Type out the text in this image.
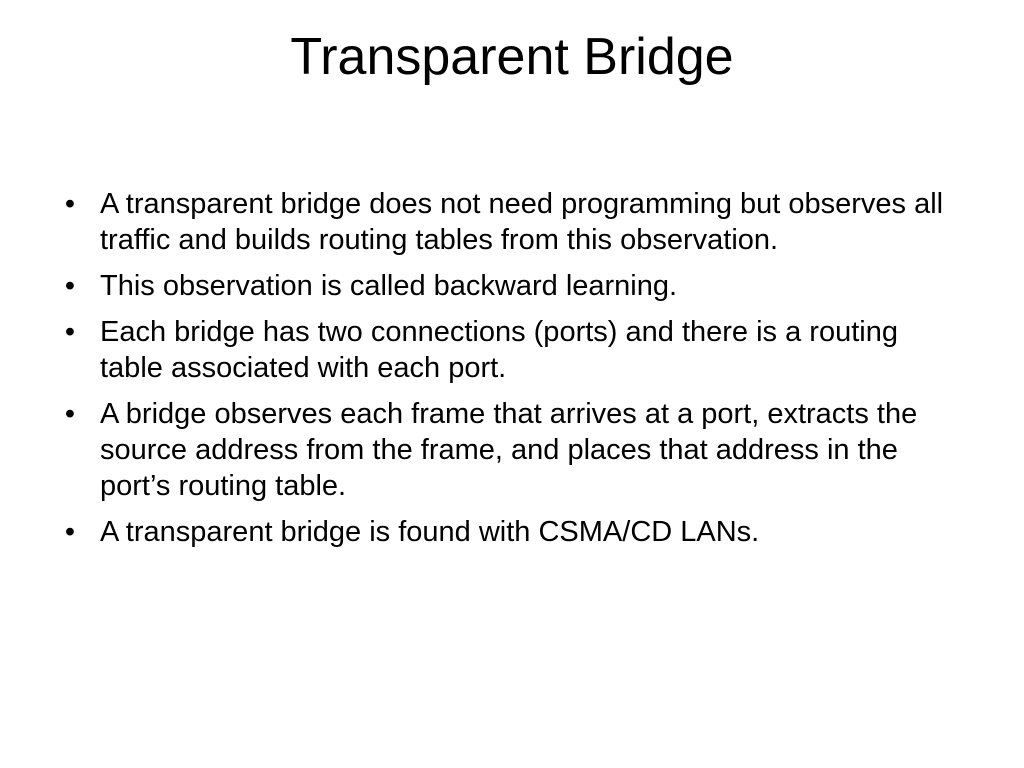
Transparent Bridge
• A transparent bridge does not need programming but observes all traffic and builds routing tables from this observation.
• This observation is called backward learning.
• Each bridge has two connections (ports) and there is a routing table associated with each port.
• A bridge observes each frame that arrives at a port, extracts the source address from the frame, and places that address in the port’s routing table.
• A transparent bridge is found with CSMA/CD LANs.
